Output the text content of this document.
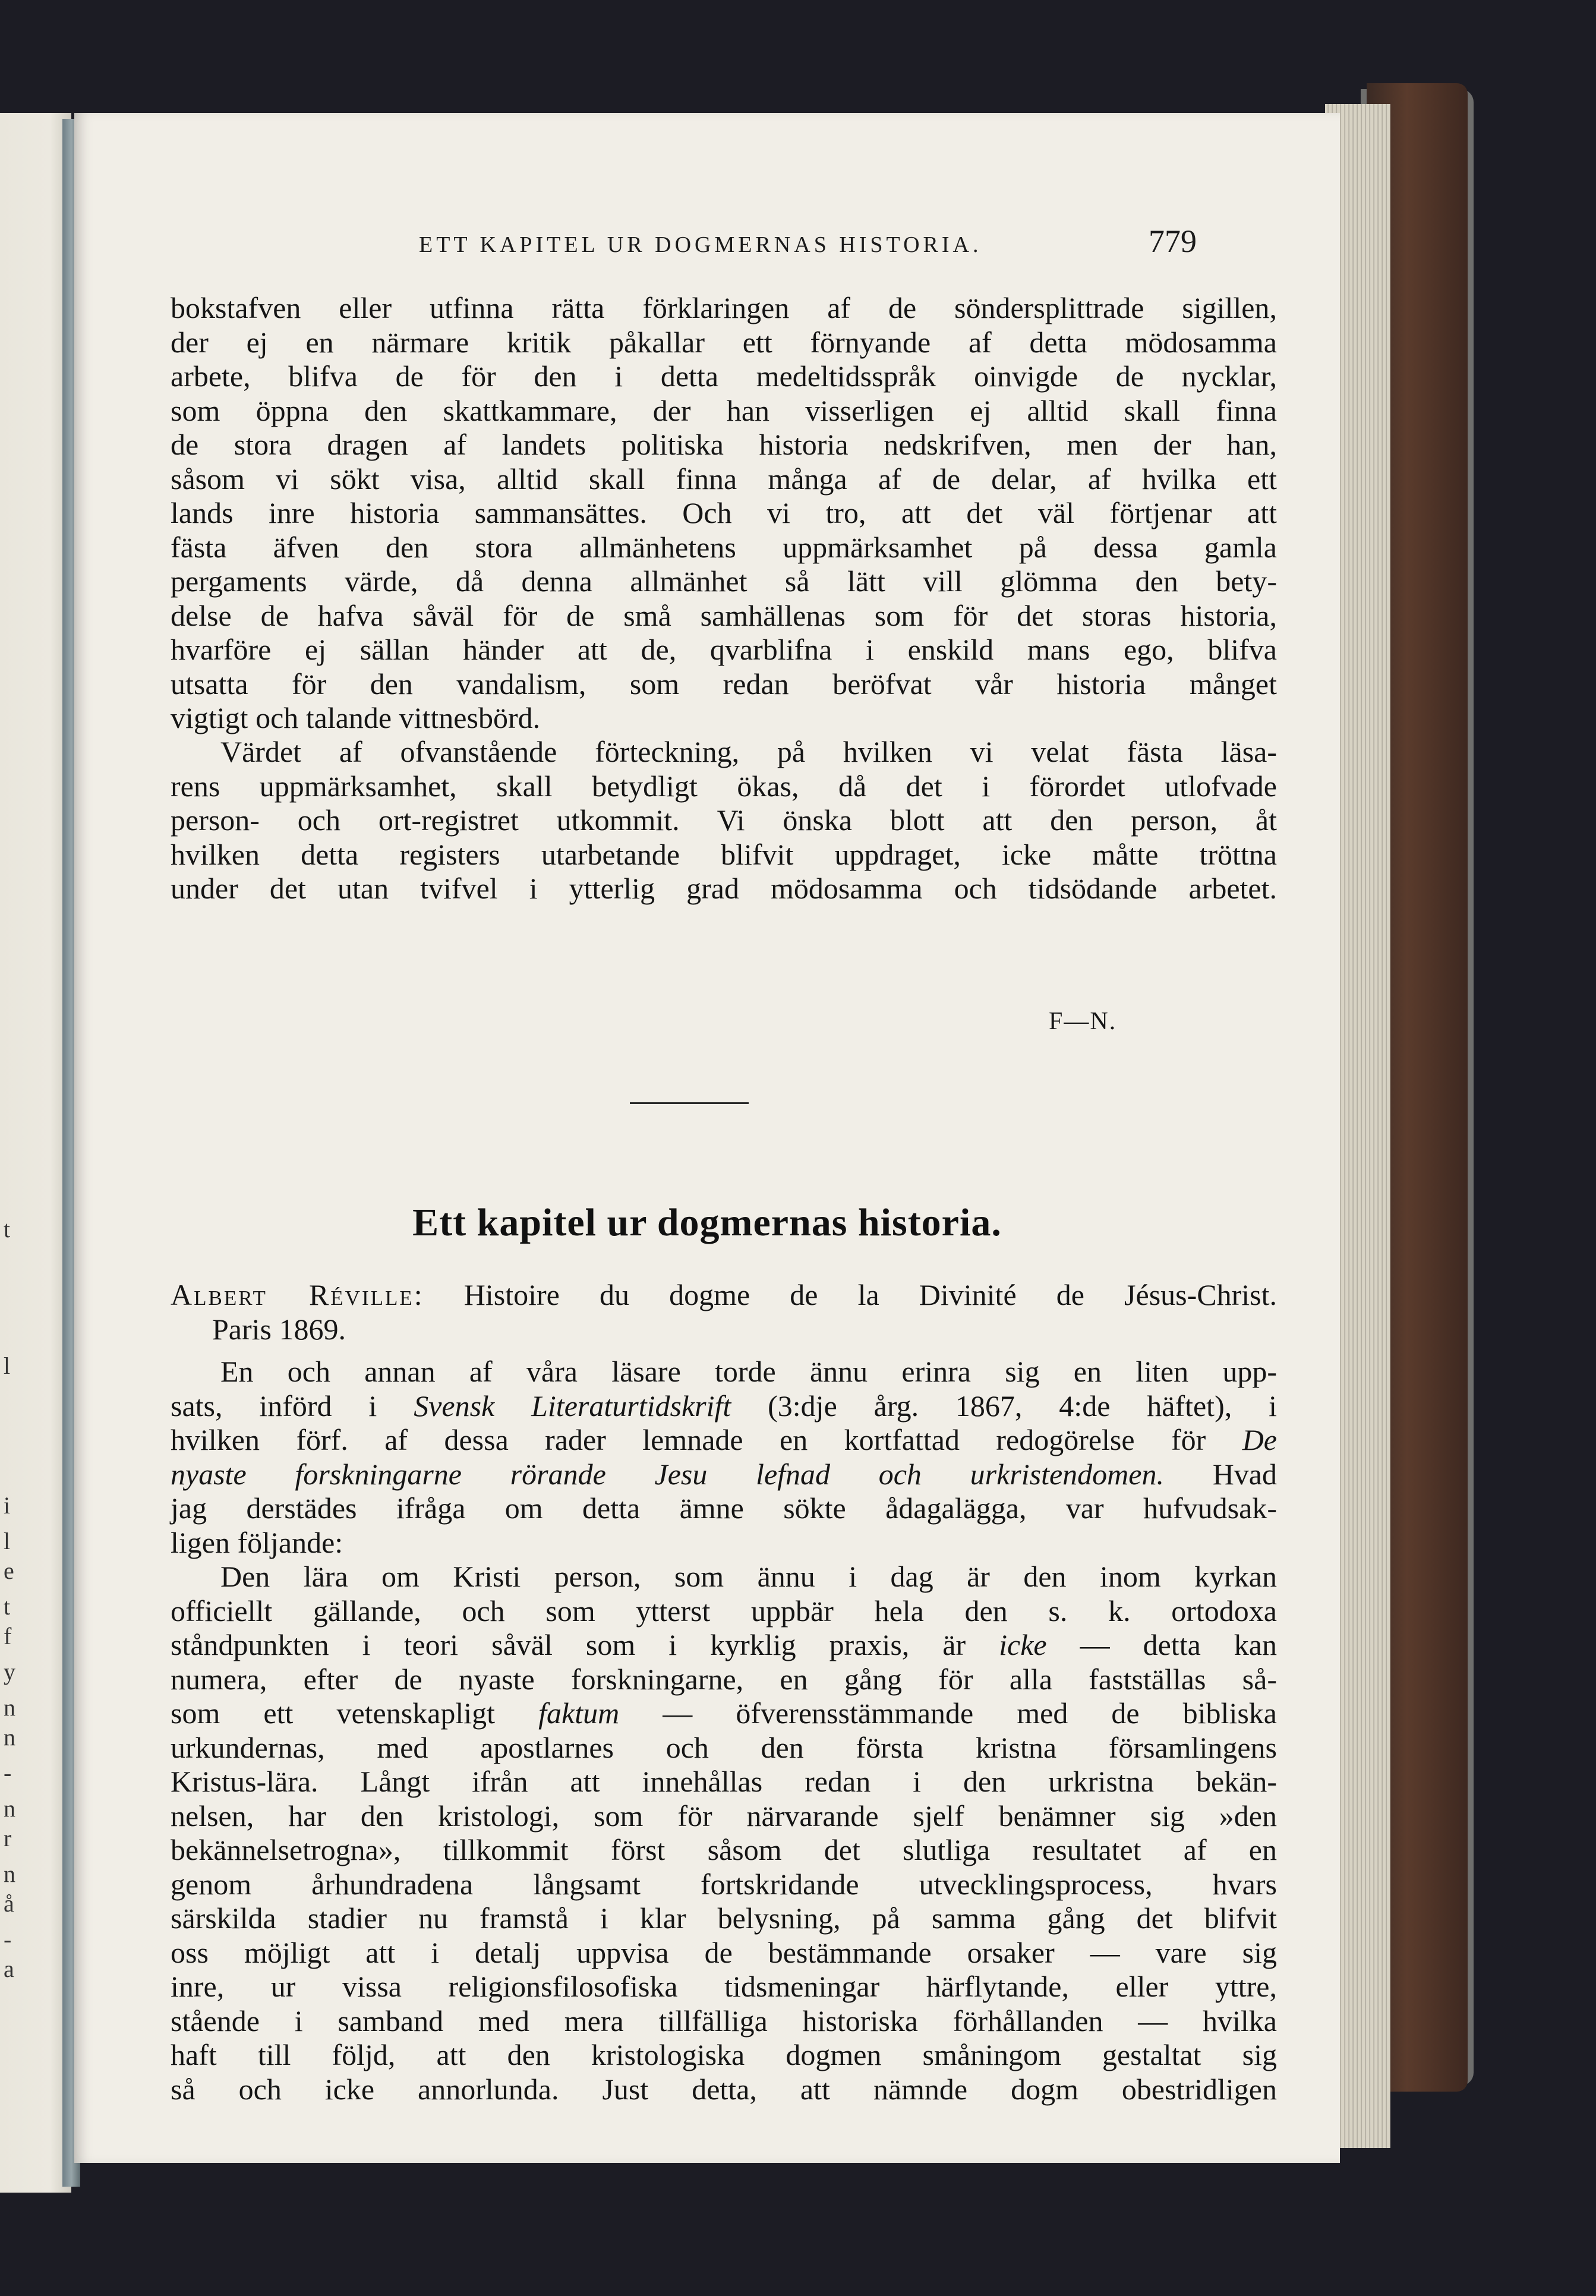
t
l
i
l
e
t
f
y
n
n
-
n
r
n
å
-
a
ETT KAPITEL UR DOGMERNAS HISTORIA.	779
bokstafven eller utfinna rätta förklaringen af de söndersplittrade sigillen,
der ej en närmare kritik påkallar ett förnyande af detta mödosamma
arbete, blifva de för den i detta medeltidsspråk oinvigde de nycklar,
som öppna den skattkammare, der han visserligen ej alltid skall finna
de stora dragen af landets politiska historia nedskrifven, men der han,
såsom vi sökt visa, alltid skall finna många af de delar, af hvilka ett
lands inre historia sammansättes. Och vi tro, att det väl förtjenar att
fästa äfven den stora allmänhetens uppmärksamhet på dessa gamla
pergaments värde, då denna allmänhet så lätt vill glömma den bety-
delse de hafva såväl för de små samhällenas som för det storas historia,
hvarföre ej sällan händer att de, qvarblifna i enskild mans ego, blifva
utsatta för den vandalism, som redan beröfvat vår historia månget
vigtigt och talande vittnesbörd.
Värdet af ofvanstående förteckning, på hvilken vi velat fästa läsa-
rens uppmärksamhet, skall betydligt ökas, då det i förordet utlofvade
person- och ort-registret utkommit. Vi önska blott att den person, åt
hvilken detta registers utarbetande blifvit uppdraget, icke måtte tröttna
under det utan tvifvel i ytterlig grad mödosamma och tidsödande arbetet.
F—N.
Ett kapitel ur dogmernas historia.
Albert Réville: Histoire du dogme de la Divinité de Jésus-Christ.
Paris 1869.
En och annan af våra läsare torde ännu erinra sig en liten upp-
sats, införd i Svensk Literaturtidskrift (3:dje årg. 1867, 4:de häftet), i
hvilken förf. af dessa rader lemnade en kortfattad redogörelse för De
nyaste forskningarne rörande Jesu lefnad och urkristendomen. Hvad
jag derstädes ifråga om detta ämne sökte ådagalägga, var hufvudsak-
ligen följande:
Den lära om Kristi person, som ännu i dag är den inom kyrkan
officiellt gällande, och som ytterst uppbär hela den s. k. ortodoxa
ståndpunkten i teori såväl som i kyrklig praxis, är icke — detta kan
numera, efter de nyaste forskningarne, en gång för alla fastställas så-
som ett vetenskapligt faktum — öfverensstämmande med de bibliska
urkundernas, med apostlarnes och den första kristna församlingens
Kristus-lära. Långt ifrån att innehållas redan i den urkristna bekän-
nelsen, har den kristologi, som för närvarande sjelf benämner sig »den
bekännelsetrogna», tillkommit först såsom det slutliga resultatet af en
genom århundradena långsamt fortskridande utvecklingsprocess, hvars
särskilda stadier nu framstå i klar belysning, på samma gång det blifvit
oss möjligt att i detalj uppvisa de bestämmande orsaker — vare sig
inre, ur vissa religionsfilosofiska tidsmeningar härflytande, eller yttre,
stående i samband med mera tillfälliga historiska förhållanden — hvilka
haft till följd, att den kristologiska dogmen småningom gestaltat sig
så och icke annorlunda. Just detta, att nämnde dogm obestridligen
